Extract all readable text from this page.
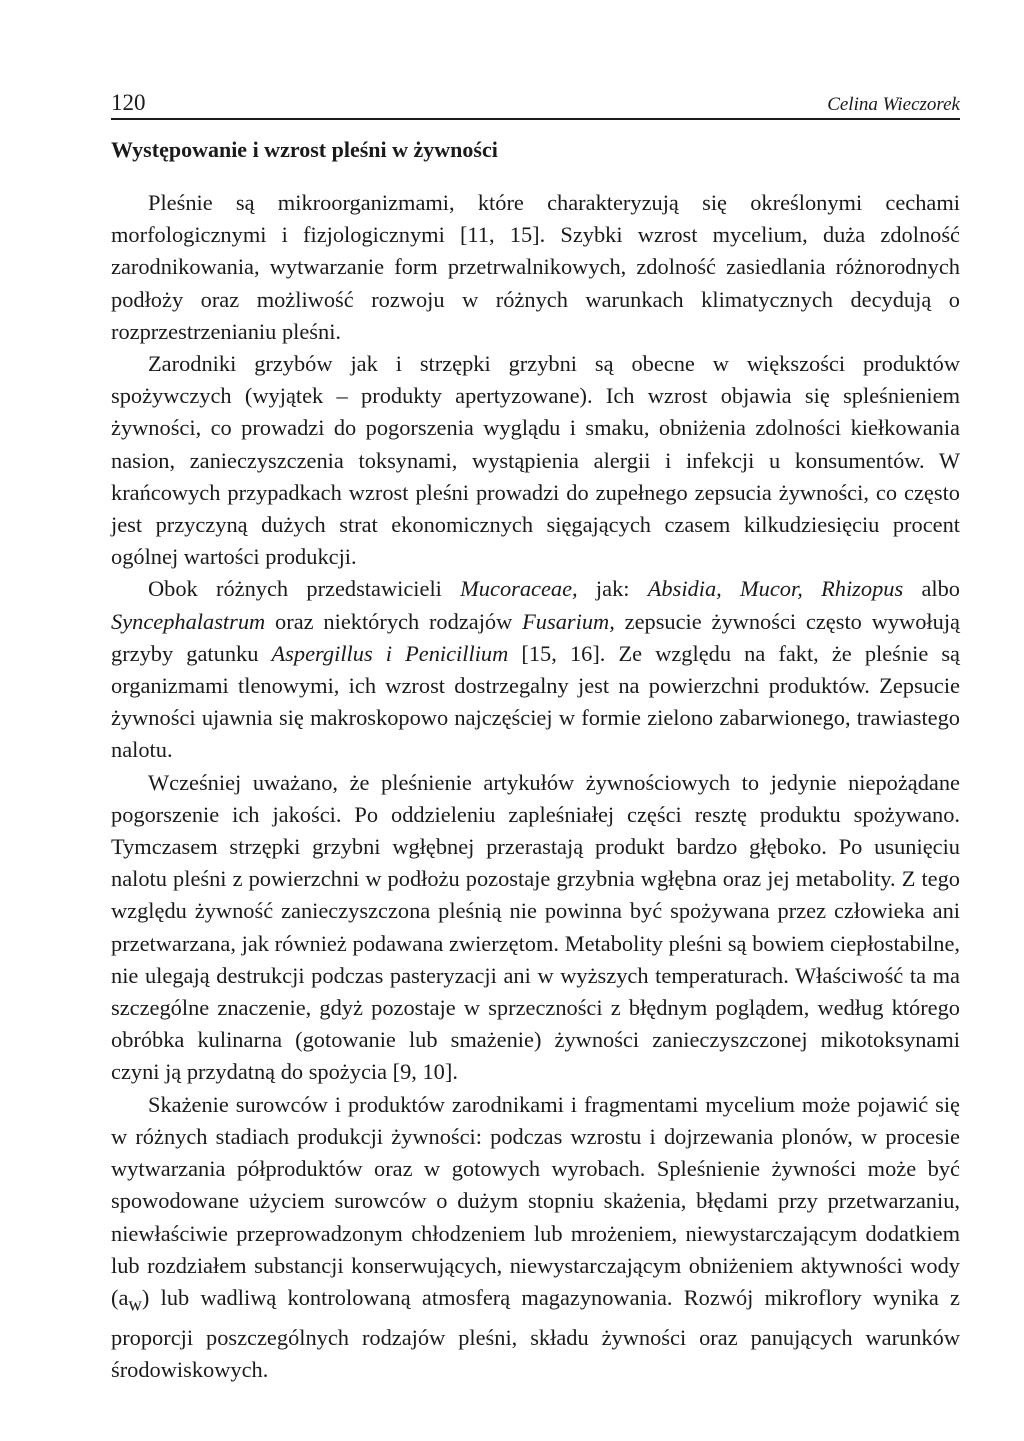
120	Celina Wieczorek
Występowanie i wzrost pleśni w żywności

Pleśnie są mikroorganizmami, które charakteryzują się określonymi cechami morfologicznymi i fizjologicznymi [11, 15]. Szybki wzrost mycelium, duża zdolność zarodnikowania, wytwarzanie form przetrwalnikowych, zdolność zasiedlania różnorodnych podłoży oraz możliwość rozwoju w różnych warunkach klimatycznych decydują o rozprzestrzenianiu pleśni.

Zarodniki grzybów jak i strzępki grzybni są obecne w większości produktów spożywczych (wyjątek – produkty apertyzowane). Ich wzrost objawia się spleśnieniem żywności, co prowadzi do pogorszenia wyglądu i smaku, obniżenia zdolności kiełkowania nasion, zanieczyszczenia toksynami, wystąpienia alergii i infekcji u konsumentów. W krańcowych przypadkach wzrost pleśni prowadzi do zupełnego zepsucia żywności, co często jest przyczyną dużych strat ekonomicznych sięgających czasem kilkudziesięciu procent ogólnej wartości produkcji.

Obok różnych przedstawicieli Mucoraceae, jak: Absidia, Mucor, Rhizopus albo Syncephalastrum oraz niektórych rodzajów Fusarium, zepsucie żywności często wywołują grzyby gatunku Aspergillus i Penicillium [15, 16]. Ze względu na fakt, że pleśnie są organizmami tlenowymi, ich wzrost dostrzegalny jest na powierzchni produktów. Zepsucie żywności ujawnia się makroskopowo najczęściej w formie zielono zabarwionego, trawiastego nalotu.

Wcześniej uważano, że pleśnienie artykułów żywnościowych to jedynie niepożądane pogorszenie ich jakości. Po oddzieleniu zapleśniałej części resztę produktu spożywano. Tymczasem strzępki grzybni wgłębnej przerastają produkt bardzo głęboko. Po usunięciu nalotu pleśni z powierzchni w podłożu pozostaje grzybnia wgłębna oraz jej metabolity. Z tego względu żywność zanieczyszczona pleśnią nie powinna być spożywana przez człowieka ani przetwarzana, jak również podawana zwierzętom. Metabolity pleśni są bowiem ciepłostabilne, nie ulegają destrukcji podczas pasteryzacji ani w wyższych temperaturach. Właściwość ta ma szczególne znaczenie, gdyż pozostaje w sprzeczności z błędnym poglądem, według którego obróbka kulinarna (gotowanie lub smażenie) żywności zanieczyszczonej mikotoksynami czyni ją przydatną do spożycia [9, 10].

Skażenie surowców i produktów zarodnikami i fragmentami mycelium może pojawić się w różnych stadiach produkcji żywności: podczas wzrostu i dojrzewania plonów, w procesie wytwarzania półproduktów oraz w gotowych wyrobach. Spleśnienie żywności może być spowodowane użyciem surowców o dużym stopniu skażenia, błędami przy przetwarzaniu, niewłaściwie przeprowadzonym chłodzeniem lub mrożeniem, niewystarczającym dodatkiem lub rozdziałem substancji konserwujących, niewystarczającym obniżeniem aktywności wody $(a_w)$ lub wadliwą kontrolowaną atmosferą magazynowania. Rozwój mikroflory wynika z proporcji poszczególnych rodzajów pleśni, składu żywności oraz panujących warunków środowiskowych.
